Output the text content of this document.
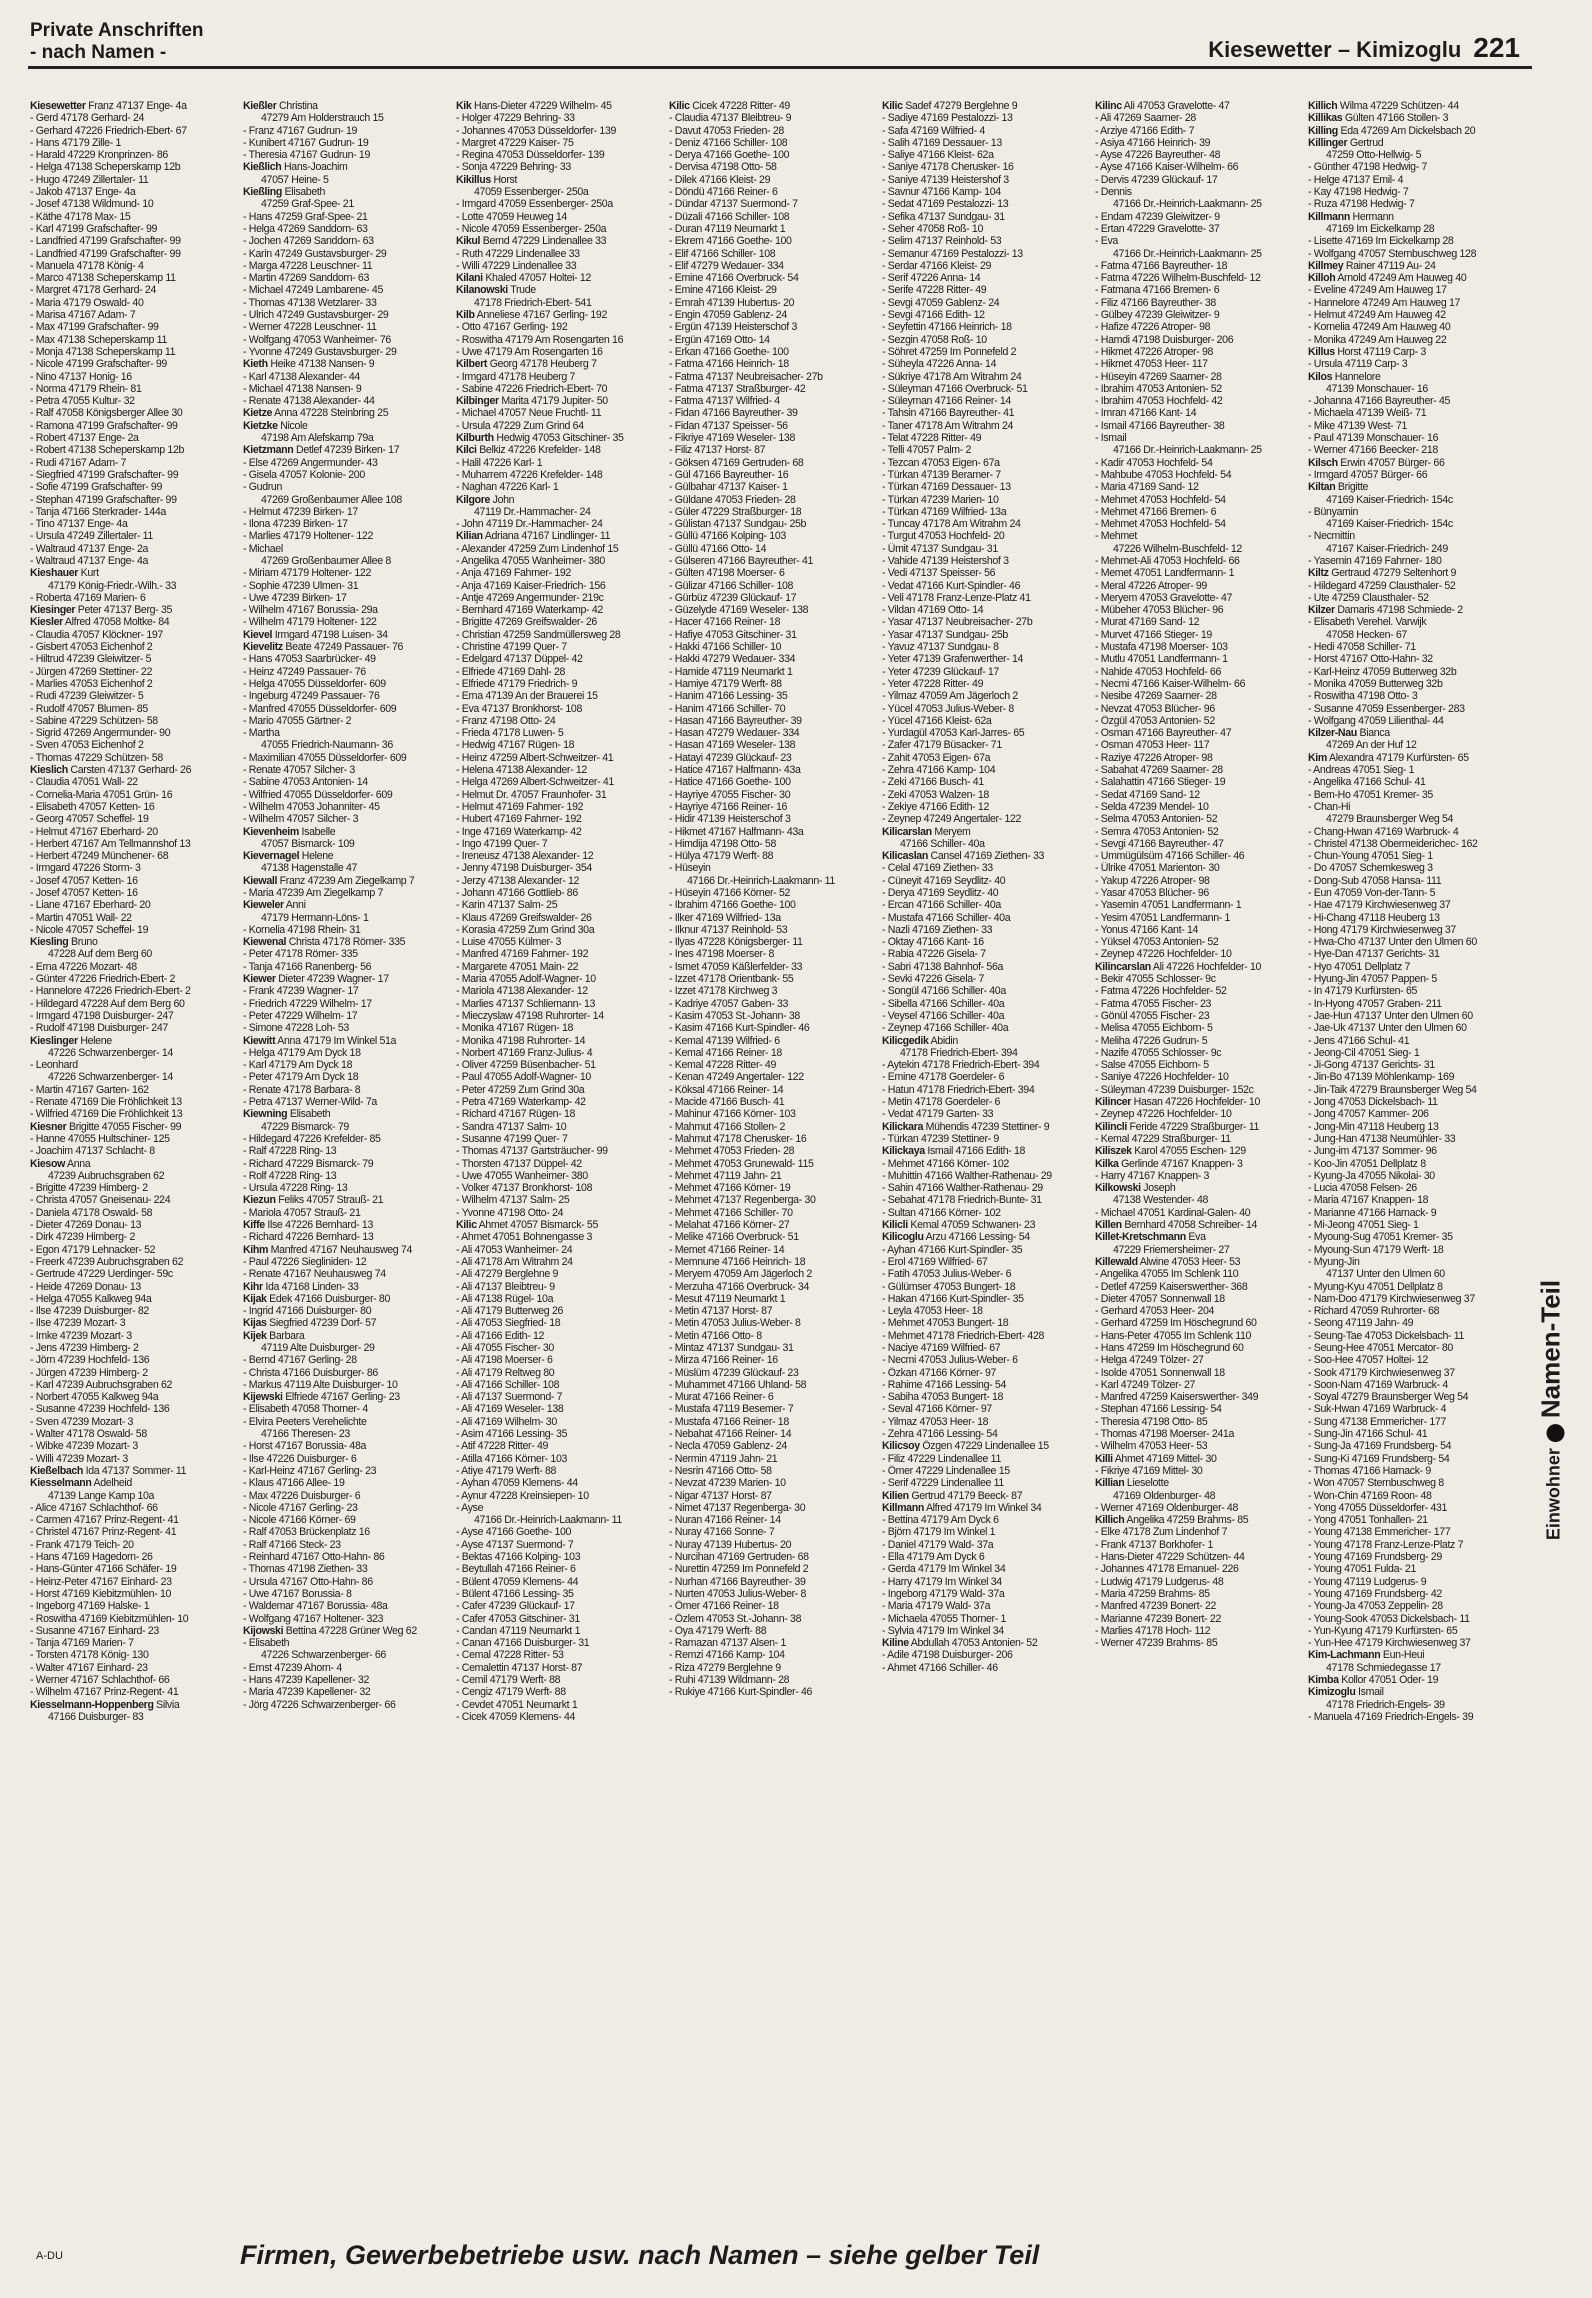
Private Anschriften
- nach Namen -	Kiesewetter – Kimizoglu 221
Kiesewetter Franz 47137 Enge- 4a
- Gerd 47178 Gerhard- 24
- Gerhard 47226 Friedrich-Ebert- 67
- Hans 47179 Zille- 1
- Harald 47229 Kronprinzen- 86
- Helga 47138 Scheperskamp 12b
- Hugo 47249 Zillertaler- 11
- Jakob 47137 Enge- 4a
- Josef 47138 Wildmund- 10
- Käthe 47178 Max- 15
- Karl 47199 Grafschafter- 99
- Landfried 47199 Grafschafter- 99
- Landfried 47199 Grafschafter- 99
- Manuela 47178 König- 4
- Marco 47138 Scheperskamp 11
- Margret 47178 Gerhard- 24
- Maria 47179 Oswald- 40
- Marisa 47167 Adam- 7
- Max 47199 Grafschafter- 99
- Max 47138 Scheperskamp 11
- Monja 47138 Scheperskamp 11
- Nicole 47199 Grafschafter- 99
- Nino 47137 Honig- 16
- Norma 47179 Rhein- 81
- Petra 47055 Kultur- 32
- Ralf 47058 Königsberger Allee 30
- Ramona 47199 Grafschafter- 99
- Robert 47137 Enge- 2a
- Robert 47138 Scheperskamp 12b
- Rudi 47167 Adam- 7
- Siegfried 47199 Grafschafter- 99
- Sofie 47199 Grafschafter- 99
- Stephan 47199 Grafschafter- 99
- Tanja 47166 Sterkrader- 144a
- Tino 47137 Enge- 4a
- Ursula 47249 Zillertaler- 11
- Waltraud 47137 Enge- 2a
- Waltraud 47137 Enge- 4a
Kieshauer Kurt
47179 König-Friedr.-Wilh.- 33
- Roberta 47169 Marien- 6
Kiesinger Peter 47137 Berg- 35
Kiesler Alfred 47058 Moltke- 84
- Claudia 47057 Klöckner- 197
- Gisbert 47053 Eichenhof 2
- Hiltrud 47239 Gleiwitzer- 5
- Jürgen 47269 Stettiner- 22
- Marlies 47053 Eichenhof 2
- Rudi 47239 Gleiwitzer- 5
- Rudolf 47057 Blumen- 85
- Sabine 47229 Schützen- 58
- Sigrid 47269 Angermunder- 90
- Sven 47053 Eichenhof 2
- Thomas 47229 Schützen- 58
Kieslich Carsten 47137 Gerhard- 26
- Claudia 47051 Wall- 22
- Cornelia-Maria 47051 Grün- 16
- Elisabeth 47057 Ketten- 16
- Georg 47057 Scheffel- 19
- Helmut 47167 Eberhard- 20
- Herbert 47167 Am Tellmannshof 13
- Herbert 47249 Münchener- 68
- Irmgard 47226 Storm- 3
- Josef 47057 Ketten- 16
- Josef 47057 Ketten- 16
- Liane 47167 Eberhard- 20
- Martin 47051 Wall- 22
- Nicole 47057 Scheffel- 19
Kiesling Bruno
47228 Auf dem Berg 60
- Erna 47226 Mozart- 48
- Günter 47226 Friedrich-Ebert- 2
- Hannelore 47226 Friedrich-Ebert- 2
- Hildegard 47228 Auf dem Berg 60
- Irmgard 47198 Duisburger- 247
- Rudolf 47198 Duisburger- 247
Kieslinger Helene
47226 Schwarzenberger- 14
- Leonhard
47226 Schwarzenberger- 14
- Martin 47167 Garten- 162
- Renate 47169 Die Fröhlichkeit 13
- Wilfried 47169 Die Fröhlichkeit 13
Kiesner Brigitte 47055 Fischer- 99
- Hanne 47055 Hultschiner- 125
- Joachim 47137 Schlacht- 8
Kiesow Anna
47239 Aubruchsgraben 62
- Brigitte 47239 Himberg- 2
- Christa 47057 Gneisenau- 224
- Daniela 47178 Oswald- 58
- Dieter 47269 Donau- 13
- Dirk 47239 Himberg- 2
- Egon 47179 Lehnacker- 52
- Freerk 47239 Aubruchsgraben 62
- Gertrude 47229 Uerdinger- 59c
- Heide 47269 Donau- 13
- Helga 47055 Kalkweg 94a
- Ilse 47239 Duisburger- 82
- Ilse 47239 Mozart- 3
- Imke 47239 Mozart- 3
- Jens 47239 Himberg- 2
- Jörn 47239 Hochfeld- 136
- Jürgen 47239 Himberg- 2
- Karl 47239 Aubruchsgraben 62
- Norbert 47055 Kalkweg 94a
- Susanne 47239 Hochfeld- 136
- Sven 47239 Mozart- 3
- Walter 47178 Oswald- 58
- Wibke 47239 Mozart- 3
- Willi 47239 Mozart- 3
Kießelbach Ida 47137 Sommer- 11
Kiesselmann Adelheid
47139 Lange Kamp 10a
- Alice 47167 Schlachthof- 66
- Carmen 47167 Prinz-Regent- 41
- Christel 47167 Prinz-Regent- 41
- Frank 47179 Teich- 20
- Hans 47169 Hagedorn- 26
- Hans-Günter 47166 Schäfer- 19
- Heinz-Peter 47167 Einhard- 23
- Horst 47169 Kiebitzmühlen- 10
- Ingeborg 47169 Halske- 1
- Roswitha 47169 Kiebitzmühlen- 10
- Susanne 47167 Einhard- 23
- Tanja 47169 Marien- 7
- Torsten 47178 König- 130
- Walter 47167 Einhard- 23
- Werner 47167 Schlachthof- 66
- Wilhelm 47167 Prinz-Regent- 41
Kiesselmann-Hoppenberg Silvia
47166 Duisburger- 83
Kießler Christina
47279 Am Holderstrauch 15
- Franz 47167 Gudrun- 19
- Kunibert 47167 Gudrun- 19
- Theresia 47167 Gudrun- 19
Kießlich Hans-Joachim
47057 Heine- 5
Kießling Elisabeth
47259 Graf-Spee- 21
- Hans 47259 Graf-Spee- 21
- Helga 47269 Sanddorn- 63
- Jochen 47269 Sanddorn- 63
- Karin 47249 Gustavsburger- 29
- Marga 47228 Leuschner- 11
- Martin 47269 Sanddorn- 63
- Michael 47249 Lambarene- 45
- Thomas 47138 Wetzlarer- 33
- Ulrich 47249 Gustavsburger- 29
- Werner 47228 Leuschner- 11
- Wolfgang 47053 Wanheimer- 76
- Yvonne 47249 Gustavsburger- 29
Kieth Heike 47138 Nansen- 9
- Karl 47138 Alexander- 44
- Michael 47138 Nansen- 9
- Renate 47138 Alexander- 44
Kietze Anna 47228 Steinbring 25
Kietzke Nicole
47198 Am Alefskamp 79a
Kietzmann Detlef 47239 Birken- 17
- Else 47269 Angermunder- 43
- Gisela 47057 Kolonie- 200
- Gudrun
47269 Großenbaumer Allee 108
- Helmut 47239 Birken- 17
- Ilona 47239 Birken- 17
- Marlies 47179 Holtener- 122
- Michael
47269 Großenbaumer Allee 8
- Miriam 47179 Holtener- 122
- Sophie 47239 Ulmen- 31
- Uwe 47239 Birken- 17
- Wilhelm 47167 Borussia- 29a
- Wilhelm 47179 Holtener- 122
Kievel Irmgard 47198 Luisen- 34
Kievelitz Beate 47249 Passauer- 76
- Hans 47053 Saarbrücker- 49
- Heinz 47249 Passauer- 76
- Helga 47055 Düsseldorfer- 609
- Ingeburg 47249 Passauer- 76
- Manfred 47055 Düsseldorfer- 609
- Mario 47055 Gärtner- 2
- Martha
47055 Friedrich-Naumann- 36
- Maximilian 47055 Düsseldorfer- 609
- Renate 47057 Silcher- 3
- Sabine 47053 Antonien- 14
- Wilfried 47055 Düsseldorfer- 609
- Wilhelm 47053 Johanniter- 45
- Wilhelm 47057 Silcher- 3
Kievenheim Isabelle
47057 Bismarck- 109
Kievernagel Helene
47138 Hagenstalle 47
Kiewall Franz 47239 Am Ziegelkamp 7
- Maria 47239 Am Ziegelkamp 7
Kieweler Anni
47179 Hermann-Löns- 1
- Kornelia 47198 Rhein- 31
Kiewenal Christa 47178 Römer- 335
- Peter 47178 Römer- 335
- Tanja 47166 Ranenberg- 56
Kiewer Dieter 47239 Wagner- 17
- Frank 47239 Wagner- 17
- Friedrich 47229 Wilhelm- 17
- Peter 47229 Wilhelm- 17
- Simone 47228 Loh- 53
Kiewitt Anna 47179 Im Winkel 51a
- Helga 47179 Am Dyck 18
- Karl 47179 Am Dyck 18
- Peter 47179 Am Dyck 18
- Renate 47178 Barbara- 8
- Petra 47137 Werner-Wild- 7a
Kiewning Elisabeth
47229 Bismarck- 79
- Hildegard 47226 Krefelder- 85
- Ralf 47228 Ring- 13
- Richard 47229 Bismarck- 79
- Rolf 47228 Ring- 13
- Ursula 47228 Ring- 13
Kiezun Feliks 47057 Strauß- 21
- Mariola 47057 Strauß- 21
Kiffe Ilse 47226 Bernhard- 13
- Richard 47226 Bernhard- 13
Kihm Manfred 47167 Neuhausweg 74
- Paul 47226 Siegliniden- 12
- Renate 47167 Neuhausweg 74
Kihr Ida 47168 Linden- 33
Kijak Edek 47166 Duisburger- 80
- Ingrid 47166 Duisburger- 80
Kijas Siegfried 47239 Dorf- 57
Kijek Barbara
47119 Alte Duisburger- 29
- Bernd 47167 Gerling- 28
- Christa 47166 Duisburger- 86
- Markus 47119 Alte Duisburger- 10
Kijewski Elfriede 47167 Gerling- 23
- Elisabeth 47058 Thorner- 4
- Elvira Peeters Verehelichte
47166 Theresen- 23
- Horst 47167 Borussia- 48a
- Ilse 47226 Duisburger- 6
- Karl-Heinz 47167 Gerling- 23
- Klaus 47166 Allee- 19
- Max 47226 Duisburger- 6
- Nicole 47167 Gerling- 23
- Nicole 47166 Körner- 69
- Ralf 47053 Brückenplatz 16
- Ralf 47166 Steck- 23
- Reinhard 47167 Otto-Hahn- 86
- Thomas 47198 Ziethen- 33
- Ursula 47167 Otto-Hahn- 86
- Uwe 47167 Borussia- 8
- Waldemar 47167 Borussia- 48a
- Wolfgang 47167 Holtener- 323
Kijowski Bettina 47228 Grüner Weg 62
- Elisabeth
47226 Schwarzenberger- 66
- Ernst 47239 Ahorn- 4
- Hans 47239 Kapellener- 32
- Maria 47239 Kapellener- 32
- Jörg 47226 Schwarzenberger- 66
Kik Hans-Dieter 47229 Wilhelm- 45
- Holger 47229 Behring- 33
- Johannes 47053 Düsseldorfer- 139
- Margret 47229 Kaiser- 75
- Regina 47053 Düsseldorfer- 139
- Sonja 47229 Behring- 33
Kikillus Horst
47059 Essenberger- 250a
- Irmgard 47059 Essenberger- 250a
- Lotte 47059 Heuweg 14
- Nicole 47059 Essenberger- 250a
Kikul Bernd 47229 Lindenallee 33
- Ruth 47229 Lindenallee 33
- Willi 47229 Lindenallee 33
Kilani Khaled 47057 Holtei- 12
Kilanowski Trude
47178 Friedrich-Ebert- 541
Kilb Anneliese 47167 Gerling- 192
- Otto 47167 Gerling- 192
- Roswitha 47179 Am Rosengarten 16
- Uwe 47179 Am Rosengarten 16
Kilbert Georg 47178 Heuberg 7
- Irmgard 47178 Heuberg 7
- Sabine 47226 Friedrich-Ebert- 70
Kilbinger Marita 47179 Jupiter- 50
- Michael 47057 Neue Fruchtl- 11
- Ursula 47229 Zum Grind 64
Kilburth Hedwig 47053 Gitschiner- 35
Kilci Belkiz 47226 Krefelder- 148
- Halil 47226 Karl- 1
- Muharrem 47226 Krefelder- 148
- Naghan 47226 Karl- 1
Kilgore John
47119 Dr.-Hammacher- 24
- John 47119 Dr.-Hammacher- 24
Kilian Adriana 47167 Lindlinger- 11
- Alexander 47259 Zum Lindenhof 15
- Angelika 47055 Wanheimer- 380
- Anja 47169 Fahrner- 192
- Anja 47169 Kaiser-Friedrich- 156
- Antje 47269 Angermunder- 219c
- Bernhard 47169 Waterkamp- 42
- Brigitte 47269 Greifswalder- 26
- Christian 47259 Sandmüllersweg 28
- Christine 47199 Quer- 7
- Edelgard 47137 Düppel- 42
- Elfriede 47169 Dahl- 28
- Elfriede 47179 Friedrich- 9
- Erna 47139 An der Brauerei 15
- Eva 47137 Bronkhorst- 108
- Franz 47198 Otto- 24
- Frieda 47178 Luwen- 5
- Hedwig 47167 Rügen- 18
- Heinz 47259 Albert-Schweitzer- 41
- Helena 47138 Alexander- 12
- Helga 47269 Albert-Schweitzer- 41
- Helmut Dr. 47057 Fraunhofer- 31
- Helmut 47169 Fahrner- 192
- Hubert 47169 Fahrner- 192
- Inge 47169 Waterkamp- 42
- Ingo 47199 Quer- 7
- Ireneusz 47138 Alexander- 12
- Jenny 47198 Duisburger- 354
- Jerzy 47138 Alexander- 12
- Johann 47166 Gottlieb- 86
- Karin 47137 Salm- 25
- Klaus 47269 Greifswalder- 26
- Korasia 47259 Zum Grind 30a
- Luise 47055 Külmer- 3
- Manfred 47169 Fahrner- 192
- Margarete 47051 Main- 22
- Maria 47055 Adolf-Wagner- 10
- Mariola 47138 Alexander- 12
- Marlies 47137 Schliemann- 13
- Mieczyslaw 47198 Ruhrorter- 14
- Monika 47167 Rügen- 18
- Monika 47198 Ruhrorter- 14
- Norbert 47169 Franz-Julius- 4
- Oliver 47259 Büsenbacher- 51
- Paul 47055 Adolf-Wagner- 10
- Peter 47259 Zum Grind 30a
- Petra 47169 Waterkamp- 42
- Richard 47167 Rügen- 18
- Sandra 47137 Salm- 10
- Susanne 47199 Quer- 7
- Thomas 47137 Gartsträucher- 99
- Thorsten 47137 Düppel- 42
- Uwe 47055 Wanheimer- 380
- Volker 47137 Bronkhorst- 108
- Wilhelm 47137 Salm- 25
- Yvonne 47198 Otto- 24
Kilic Ahmet 47057 Bismarck- 55
- Ahmet 47051 Bohnengasse 3
- Ali 47053 Wanheimer- 24
- Ali 47178 Am Witrahm 24
- Ali 47279 Berglehne 9
- Ali 47137 Bleibtreu- 9
- Ali 47138 Rügel- 10a
- Ali 47179 Butterweg 26
- Ali 47053 Siegfried- 18
- Ali 47166 Edith- 12
- Ali 47055 Fischer- 30
- Ali 47198 Moerser- 6
- Ali 47179 Reltweg 80
- Ali 47166 Schiller- 108
- Ali 47137 Suermond- 7
- Ali 47169 Weseler- 138
- Ali 47169 Wilhelm- 30
- Asim 47166 Lessing- 35
- Atif 47228 Ritter- 49
- Atilla 47166 Körner- 103
- Atiye 47179 Werft- 88
- Ayhan 47059 Klemens- 44
- Aynur 47228 Kreinsiepen- 10
- Ayse
47166 Dr.-Heinrich-Laakmann- 11
- Ayse 47166 Goethe- 100
- Ayse 47137 Suermond- 7
- Bektas 47166 Kolping- 103
- Beytullah 47166 Reiner- 6
- Bülent 47059 Klemens- 44
- Bülent 47166 Lessing- 35
- Cafer 47239 Glückauf- 17
- Cafer 47053 Gitschiner- 31
- Candan 47119 Neumarkt 1
- Canan 47166 Duisburger- 31
- Cemal 47228 Ritter- 53
- Cemalettin 47137 Horst- 87
- Cemil 47179 Werft- 88
- Cengiz 47179 Werft- 88
- Cevdet 47051 Neumarkt 1
- Cicek 47059 Klemens- 44
Kilic Cicek 47228 Ritter- 49
- Claudia 47137 Bleibtreu- 9
- Davut 47053 Frieden- 28
- Deniz 47166 Schiller- 108
- Derya 47166 Goethe- 100
- Dervisa 47198 Otto- 58
- Dilek 47166 Kleist- 29
- Döndü 47166 Reiner- 6
- Dündar 47137 Suermond- 7
- Düzali 47166 Schiller- 108
- Duran 47119 Neumarkt 1
- Ekrem 47166 Goethe- 100
- Elif 47166 Schiller- 108
- Elif 47279 Wedauer- 334
- Emine 47166 Overbruck- 54
- Emine 47166 Kleist- 29
- Emrah 47139 Hubertus- 20
- Engin 47059 Gablenz- 24
- Ergün 47139 Heisterschof 3
- Ergün 47169 Otto- 14
- Erkan 47166 Goethe- 100
- Fatma 47166 Heinrich- 18
- Fatma 47137 Neubreisacher- 27b
- Fatma 47137 Straßburger- 42
- Fatma 47137 Wilfried- 4
- Fidan 47166 Bayreuther- 39
- Fidan 47137 Speisser- 56
- Fikriye 47169 Weseler- 138
- Filiz 47137 Horst- 87
- Göksen 47169 Gertruden- 68
- Gül 47166 Bayreuther- 16
- Gülbahar 47137 Kaiser- 1
- Güldane 47053 Frieden- 28
- Güler 47229 Straßburger- 18
- Gülistan 47137 Sundgau- 25b
- Güllü 47166 Kolping- 103
- Güllü 47166 Otto- 14
- Gülseren 47166 Bayreuther- 41
- Gülten 47198 Moerser- 6
- Gülizar 47166 Schiller- 108
- Gürbüz 47239 Glückauf- 17
- Güzelyde 47169 Weseler- 138
- Hacer 47166 Reiner- 18
- Hafiye 47053 Gitschiner- 31
- Hakki 47166 Schiller- 10
- Hakki 47279 Wedauer- 334
- Hamide 47119 Neumarkt 1
- Hamiye 47179 Werft- 88
- Hanim 47166 Lessing- 35
- Hanim 47166 Schiller- 70
- Hasan 47166 Bayreuther- 39
- Hasan 47279 Wedauer- 334
- Hasan 47169 Weseler- 138
- Hatayi 47239 Glückauf- 23
- Hatice 47167 Halfmann- 43a
- Hatice 47166 Goethe- 100
- Hayriye 47055 Fischer- 30
- Hayriye 47166 Reiner- 16
- Hidir 47139 Heisterschof 3
- Hikmet 47167 Halfmann- 43a
- Himdija 47198 Otto- 58
- Hülya 47179 Werft- 88
- Hüseyin
47166 Dr.-Heinrich-Laakmann- 11
- Hüseyin 47166 Körner- 52
- Ibrahim 47166 Goethe- 100
- Ilker 47169 Wilfried- 13a
- Ilknur 47137 Reinhold- 53
- Ilyas 47228 Königsberger- 11
- Ines 47198 Moerser- 8
- Ismet 47059 Käßlerfelder- 33
- Izzet 47178 Orientbank- 55
- Izzet 47178 Kirchweg 3
- Kadriye 47057 Gaben- 33
- Kasim 47053 St.-Johann- 38
- Kasim 47166 Kurt-Spindler- 46
- Kemal 47139 Wilfried- 6
- Kemal 47166 Reiner- 18
- Kemal 47228 Ritter- 49
- Kenan 47249 Angertaler- 122
- Köksal 47166 Reiner- 14
- Macide 47166 Busch- 41
- Mahinur 47166 Körner- 103
- Mahmut 47166 Stollen- 2
- Mahmut 47178 Cherusker- 16
- Mehmet 47053 Frieden- 28
- Mehmet 47053 Grunewald- 115
- Mehmet 47119 Jahn- 21
- Mehmet 47166 Körner- 19
- Mehmet 47137 Regenberga- 30
- Mehmet 47166 Schiller- 70
- Melahat 47166 Körner- 27
- Melike 47166 Overbruck- 51
- Memet 47166 Reiner- 14
- Memnune 47166 Heinrich- 18
- Meryem 47059 Am Jägerloch 2
- Merzuha 47166 Overbruck- 34
- Mesut 47119 Neumarkt 1
- Metin 47137 Horst- 87
- Metin 47053 Julius-Weber- 8
- Metin 47166 Otto- 8
- Mintaz 47137 Sundgau- 31
- Mirza 47166 Reiner- 16
- Müslüm 47239 Glückauf- 23
- Muhammet 47166 Uhland- 58
- Murat 47166 Reiner- 6
- Mustafa 47119 Besemer- 7
- Mustafa 47166 Reiner- 18
- Nebahat 47166 Reiner- 14
- Necla 47059 Gablenz- 24
- Nermin 47119 Jahn- 21
- Nesrin 47166 Otto- 58
- Nevzat 47239 Marien- 10
- Nigar 47137 Horst- 87
- Nimet 47137 Regenberga- 30
- Nuran 47166 Reiner- 14
- Nuray 47166 Sonne- 7
- Nuray 47139 Hubertus- 20
- Nurcihan 47169 Gertruden- 68
- Nurettin 47259 Im Ponnefeld 2
- Nurhan 47166 Bayreuther- 39
- Nurten 47053 Julius-Weber- 8
- Ömer 47166 Reiner- 18
- Özlem 47053 St.-Johann- 38
- Oya 47179 Werft- 88
- Ramazan 47137 Alsen- 1
- Remzi 47166 Kamp- 104
- Riza 47279 Berglehne 9
- Ruhi 47139 Wildmann- 28
- Rukiye 47166 Kurt-Spindler- 46
Kilic Sadef 47279 Berglehne 9
- Sadiye 47169 Pestalozzi- 13
- Safa 47169 Wilfried- 4
- Salih 47169 Dessauer- 13
- Saliye 47166 Kleist- 62a
- Saniye 47178 Cherusker- 16
- Saniye 47139 Heistershof 3
- Savnur 47166 Kamp- 104
- Sedat 47169 Pestalozzi- 13
- Sefika 47137 Sundgau- 31
- Seher 47058 Roß- 10
- Selim 47137 Reinhold- 53
- Semanur 47169 Pestalozzi- 13
- Serdar 47166 Kleist- 29
- Serif 47226 Anna- 14
- Serife 47228 Ritter- 49
- Sevgi 47059 Gablenz- 24
- Sevgi 47166 Edith- 12
- Seyfettin 47166 Heinrich- 18
- Sezgin 47058 Roß- 10
- Söhret 47259 Im Ponnefeld 2
- Süheyla 47226 Anna- 14
- Sükriye 47178 Am Witrahm 24
- Süleyman 47166 Overbruck- 51
- Süleyman 47166 Reiner- 14
- Tahsin 47166 Bayreuther- 41
- Taner 47178 Am Witrahm 24
- Telat 47228 Ritter- 49
- Telli 47057 Palm- 2
- Tezcan 47053 Eigen- 67a
- Türkan 47139 Beramer- 7
- Türkan 47169 Dessauer- 13
- Türkan 47239 Marien- 10
- Türkan 47169 Wilfried- 13a
- Tuncay 47178 Am Witrahm 24
- Turgut 47053 Hochfeld- 20
- Ümit 47137 Sundgau- 31
- Vahide 47139 Heistershof 3
- Vedi 47137 Speisser- 56
- Vedat 47166 Kurt-Spindler- 46
- Veli 47178 Franz-Lenze-Platz 41
- Vildan 47169 Otto- 14
- Yasar 47137 Neubreisacher- 27b
- Yasar 47137 Sundgau- 25b
- Yavuz 47137 Sundgau- 8
- Yeter 47139 Grafenwerther- 14
- Yeter 47239 Glückauf- 17
- Yeter 47228 Ritter- 49
- Yilmaz 47059 Am Jägerloch 2
- Yücel 47053 Julius-Weber- 8
- Yücel 47166 Kleist- 62a
- Yurdagül 47053 Karl-Jarres- 65
- Zafer 47179 Büsacker- 71
- Zahit 47053 Eigen- 67a
- Zehra 47166 Kamp- 104
- Zeki 47166 Busch- 41
- Zeki 47053 Walzen- 18
- Zekiye 47166 Edith- 12
- Zeynep 47249 Angertaler- 122
Kilicarslan Meryem
47166 Schiller- 40a
Kilicaslan Cansel 47169 Ziethen- 33
- Celal 47169 Ziethen- 33
- Cüneyit 47169 Seydlitz- 40
- Derya 47169 Seydlitz- 40
- Ercan 47166 Schiller- 40a
- Mustafa 47166 Schiller- 40a
- Nazli 47169 Ziethen- 33
- Oktay 47166 Kant- 16
- Rabia 47226 Gisela- 7
- Sabri 47138 Bahnhof- 56a
- Sevki 47226 Gisela- 7
- Songül 47166 Schiller- 40a
- Sibella 47166 Schiller- 40a
- Veysel 47166 Schiller- 40a
- Zeynep 47166 Schiller- 40a
Kilicgedik Abidin
47178 Friedrich-Ebert- 394
- Aytekin 47178 Friedrich-Ebert- 394
- Emine 47178 Goerdeler- 6
- Hatun 47178 Friedrich-Ebert- 394
- Metin 47178 Goerdeler- 6
- Vedat 47179 Garten- 33
Kilickara Mühendis 47239 Stettiner- 9
- Türkan 47239 Stettiner- 9
Kilickaya Ismail 47166 Edith- 18
- Mehmet 47166 Körner- 102
- Muhittin 47166 Walther-Rathenau- 29
- Sahin 47166 Walther-Rathenau- 29
- Sebahat 47178 Friedrich-Bunte- 31
- Sultan 47166 Körner- 102
Kilicli Kemal 47059 Schwanen- 23
Kilicoglu Arzu 47166 Lessing- 54
- Ayhan 47166 Kurt-Spindler- 35
- Erol 47169 Wilfried- 67
- Fatih 47053 Julius-Weber- 6
- Gülümser 47053 Bungert- 18
- Hakan 47166 Kurt-Spindler- 35
- Leyla 47053 Heer- 18
- Mehmet 47053 Bungert- 18
- Mehmet 47178 Friedrich-Ebert- 428
- Naciye 47169 Wilfried- 67
- Necmi 47053 Julius-Weber- 6
- Özkan 47166 Körner- 97
- Rahime 47166 Lessing- 54
- Sabiha 47053 Bungert- 18
- Seval 47166 Körner- 97
- Yilmaz 47053 Heer- 18
- Zehra 47166 Lessing- 54
Kilicsoy Özgen 47229 Lindenallee 15
- Filiz 47229 Lindenallee 11
- Ömer 47229 Lindenallee 15
- Serif 47229 Lindenallee 11
Kilien Gertrud 47179 Beeck- 87
Killmann Alfred 47179 Im Winkel 34
- Bettina 47179 Am Dyck 6
- Björn 47179 Im Winkel 1
- Daniel 47179 Wald- 37a
- Ella 47179 Am Dyck 6
- Gerda 47179 Im Winkel 34
- Harry 47179 Im Winkel 34
- Ingeborg 47179 Wald- 37a
- Maria 47179 Wald- 37a
- Michaela 47055 Thorner- 1
- Sylvia 47179 Im Winkel 34
Kiline Abdullah 47053 Antonien- 52
- Adile 47198 Duisburger- 206
- Ahmet 47166 Schiller- 46
Kilinc Ali 47053 Gravelotte- 47
- Ali 47269 Saarner- 28
- Arziye 47166 Edith- 7
- Asiya 47166 Heinrich- 39
- Ayse 47226 Bayreuther- 48
- Ayse 47166 Kaiser-Wilhelm- 66
- Dervis 47239 Glückauf- 17
- Dennis
47166 Dr.-Heinrich-Laakmann- 25
- Endam 47239 Gleiwitzer- 9
- Ertan 47229 Gravelotte- 37
- Eva
47166 Dr.-Heinrich-Laakmann- 25
- Fatma 47166 Bayreuther- 18
- Fatma 47226 Wilhelm-Buschfeld- 12
- Fatmana 47166 Bremen- 6
- Filiz 47166 Bayreuther- 38
- Gülbey 47239 Gleiwitzer- 9
- Hafize 47226 Atroper- 98
- Hamdi 47198 Duisburger- 206
- Hikmet 47226 Atroper- 98
- Hikmet 47053 Heer- 117
- Hüseyin 47269 Saarner- 28
- Ibrahim 47053 Antonien- 52
- Ibrahim 47053 Hochfeld- 42
- Imran 47166 Kant- 14
- Ismail 47166 Bayreuther- 38
- Ismail
47166 Dr.-Heinrich-Laakmann- 25
- Kadir 47053 Hochfeld- 54
- Mahbube 47053 Hochfeld- 54
- Maria 47169 Sand- 12
- Mehmet 47053 Hochfeld- 54
- Mehmet 47166 Bremen- 6
- Mehmet 47053 Hochfeld- 54
- Mehmet
47226 Wilhelm-Buschfeld- 12
- Mehmet-Ali 47053 Hochfeld- 66
- Memet 47051 Landfermann- 1
- Meral 47226 Atroper- 99
- Meryem 47053 Gravelotte- 47
- Mübeher 47053 Blücher- 96
- Murat 47169 Sand- 12
- Murvet 47166 Stieger- 19
- Mustafa 47198 Moerser- 103
- Mutlu 47051 Landfermann- 1
- Nahide 47053 Hochfeld- 66
- Necmi 47166 Kaiser-Wilhelm- 66
- Nesibe 47269 Saarner- 28
- Nevzat 47053 Blücher- 96
- Özgül 47053 Antonien- 52
- Osman 47166 Bayreuther- 47
- Osman 47053 Heer- 117
- Raziye 47226 Atroper- 98
- Sabahat 47269 Saarner- 28
- Salahattin 47166 Stieger- 19
- Sedat 47169 Sand- 12
- Selda 47239 Mendel- 10
- Selma 47053 Antonien- 52
- Semra 47053 Antonien- 52
- Sevgi 47166 Bayreuther- 47
- Ummügülsüm 47166 Schiller- 46
- Ülrike 47051 Marienton- 30
- Yakup 47226 Atroper- 98
- Yasar 47053 Blücher- 96
- Yasemin 47051 Landfermann- 1
- Yesim 47051 Landfermann- 1
- Yonus 47166 Kant- 14
- Yüksel 47053 Antonien- 52
- Zeynep 47226 Hochfelder- 10
Kilincarslan Ali 47226 Hochfelder- 10
- Bekir 47055 Schlosser- 9c
- Fatma 47226 Hochfelder- 52
- Fatma 47055 Fischer- 23
- Gönül 47055 Fischer- 23
- Melisa 47055 Eichborn- 5
- Meliha 47226 Gudrun- 5
- Nazife 47055 Schlosser- 9c
- Salse 47055 Eichborn- 5
- Saniye 47226 Hochfelder- 10
- Süleyman 47239 Duisburger- 152c
Kilincer Hasan 47226 Hochfelder- 10
- Zeynep 47226 Hochfelder- 10
Kilincli Feride 47229 Straßburger- 11
- Kemal 47229 Straßburger- 11
Kiliszek Karol 47055 Eschen- 129
Kilka Gerlinde 47167 Knappen- 3
- Harry 47167 Knappen- 3
Kilkowski Joseph
47138 Westender- 48
- Michael 47051 Kardinal-Galen- 40
Killen Bernhard 47058 Schreiber- 14
Killet-Kretschmann Eva
47229 Friemersheimer- 27
Killewald Alwine 47053 Heer- 53
- Angelika 47055 Im Schlenk 110
- Detlef 47259 Kaiserswerther- 368
- Dieter 47057 Sonnenwall 18
- Gerhard 47053 Heer- 204
- Gerhard 47259 Im Höschegrund 60
- Hans-Peter 47055 Im Schlenk 110
- Hans 47259 Im Höschegrund 60
- Helga 47249 Tölzer- 27
- Isolde 47051 Sonnenwall 18
- Karl 47249 Tölzer- 27
- Manfred 47259 Kaiserswerther- 349
- Stephan 47166 Lessing- 54
- Theresia 47198 Otto- 85
- Thomas 47198 Moerser- 241a
- Wilhelm 47053 Heer- 53
Killi Ahmet 47169 Mittel- 30
- Fikriye 47169 Mittel- 30
Killian Lieselotte
47169 Oldenburger- 48
- Werner 47169 Oldenburger- 48
Killich Angelika 47259 Brahms- 85
- Elke 47178 Zum Lindenhof 7
- Frank 47137 Borkhofer- 1
- Hans-Dieter 47229 Schützen- 44
- Johannes 47178 Emanuel- 226
- Ludwig 47179 Ludgerus- 48
- Maria 47259 Brahms- 85
- Manfred 47239 Bonert- 22
- Marianne 47239 Bonert- 22
- Marlies 47178 Hoch- 112
- Werner 47239 Brahms- 85
Killich Wilma 47229 Schützen- 44
Killikas Gülten 47166 Stollen- 3
Killing Eda 47269 Am Dickelsbach 20
Killinger Gertrud
47259 Otto-Hellwig- 5
- Günther 47198 Hedwig- 7
- Helge 47137 Emil- 4
- Kay 47198 Hedwig- 7
- Ruza 47198 Hedwig- 7
Killmann Hermann
47169 Im Eickelkamp 28
- Lisette 47169 Im Eickelkamp 28
- Wolfgang 47057 Sternbuschweg 128
Killmey Rainer 47119 Au- 24
Killoh Arnold 47249 Am Hauweg 40
- Eveline 47249 Am Hauweg 17
- Hannelore 47249 Am Hauweg 17
- Helmut 47249 Am Hauweg 42
- Kornelia 47249 Am Hauweg 40
- Monika 47249 Am Hauweg 22
Killus Horst 47119 Carp- 3
- Ursula 47119 Carp- 3
Kilos Hannelore
47139 Monschauer- 16
- Johanna 47166 Bayreuther- 45
- Michaela 47139 Weiß- 71
- Mike 47139 West- 71
- Paul 47139 Monschauer- 16
- Werner 47166 Beecker- 218
Kilsch Erwin 47057 Bürger- 66
- Irmgard 47057 Bürger- 66
Kiltan Brigitte
47169 Kaiser-Friedrich- 154c
- Bünyamin
47169 Kaiser-Friedrich- 154c
- Necmittin
47167 Kaiser-Friedrich- 249
- Yasemin 47169 Fahrner- 180
Kiltz Gertraud 47279 Seltenhort 9
- Hildegard 47259 Clausthaler- 52
- Ute 47259 Clausthaler- 52
Kilzer Damaris 47198 Schmiede- 2
- Elisabeth Verehel. Varwijk
47058 Hecken- 67
- Hedi 47058 Schiller- 71
- Horst 47167 Otto-Hahn- 32
- Karl-Heinz 47059 Butterweg 32b
- Monika 47059 Butterweg 32b
- Roswitha 47198 Otto- 3
- Susanne 47059 Essenberger- 283
- Wolfgang 47059 Lilienthal- 44
Kilzer-Nau Bianca
47269 An der Huf 12
Kim Alexandra 47179 Kurfürsten- 65
- Andreas 47051 Sieg- 1
- Angelika 47166 Schul- 41
- Bem-Ho 47051 Kremer- 35
- Chan-Hi
47279 Braunsberger Weg 54
- Chang-Hwan 47169 Warbruck- 4
- Christel 47138 Obermeiderichec- 162
- Chun-Young 47051 Sieg- 1
- Do 47057 Schemkesweg 3
- Dong-Sub 47058 Hansa- 111
- Eun 47059 Von-der-Tann- 5
- Hae 47179 Kirchwiesenweg 37
- Hi-Chang 47118 Heuberg 13
- Hong 47179 Kirchwiesenweg 37
- Hwa-Cho 47137 Unter den Ulmen 60
- Hye-Dan 47137 Gerichts- 31
- Hyo 47051 Dellplatz 7
- Hyung-Jin 47057 Pappen- 5
- In 47179 Kurfürsten- 65
- In-Hyong 47057 Graben- 211
- Jae-Hun 47137 Unter den Ulmen 60
- Jae-Uk 47137 Unter den Ulmen 60
- Jens 47166 Schul- 41
- Jeong-Cil 47051 Sieg- 1
- Ji-Gong 47137 Gerichts- 31
- Jin-Bo 47139 Möhlenkamp- 169
- Jin-Taik 47279 Braunsberger Weg 54
- Jong 47053 Dickelsbach- 11
- Jong 47057 Kammer- 206
- Jong-Min 47118 Heuberg 13
- Jung-Han 47138 Neumühler- 33
- Jung-im 47137 Sommer- 96
- Koo-Jin 47051 Dellplatz 8
- Kyung-Ja 47055 Nikolai- 30
- Lucia 47058 Felsen- 26
- Maria 47167 Knappen- 18
- Marianne 47166 Harnack- 9
- Mi-Jeong 47051 Sieg- 1
- Myoung-Sug 47051 Kremer- 35
- Myoung-Sun 47179 Werft- 18
- Myung-Jin
47137 Unter den Ulmen 60
- Myung-Kyu 47051 Dellplatz 8
- Nam-Doo 47179 Kirchwiesenweg 37
- Richard 47059 Ruhrorter- 68
- Seong 47119 Jahn- 49
- Seung-Tae 47053 Dickelsbach- 11
- Seung-Hee 47051 Mercator- 80
- Soo-Hee 47057 Holtei- 12
- Sook 47179 Kirchwiesenweg 37
- Soon-Nam 47169 Warbruck- 4
- Soyal 47279 Braunsberger Weg 54
- Suk-Hwan 47169 Warbruck- 4
- Sung 47138 Emmericher- 177
- Sung-Jin 47166 Schul- 41
- Sung-Ja 47169 Frundsberg- 54
- Sung-Ki 47169 Frundsberg- 54
- Thomas 47166 Harnack- 9
- Won 47057 Sternbuschweg 8
- Won-Chin 47169 Roon- 48
- Yong 47055 Düsseldorfer- 431
- Yong 47051 Tonhallen- 21
- Young 47138 Emmericher- 177
- Young 47178 Franz-Lenze-Platz 7
- Young 47169 Frundsberg- 29
- Young 47051 Fulda- 21
- Young 47119 Ludgerus- 9
- Young 47169 Frundsberg- 42
- Young-Ja 47053 Zeppelin- 28
- Young-Sook 47053 Dickelsbach- 11
- Yun-Kyung 47179 Kurfürsten- 65
- Yun-Hee 47179 Kirchwiesenweg 37
Kim-Lachmann Eun-Heui
47178 Schmiedegasse 17
Kimba Kollor 47051 Oder- 19
Kimizoglu Ismail
47178 Friedrich-Engels- 39
- Manuela 47169 Friedrich-Engels- 39
EinwohnerNamen-Teil
A-DU	Firmen, Gewerbebetriebe usw. nach Namen – siehe gelber Teil
